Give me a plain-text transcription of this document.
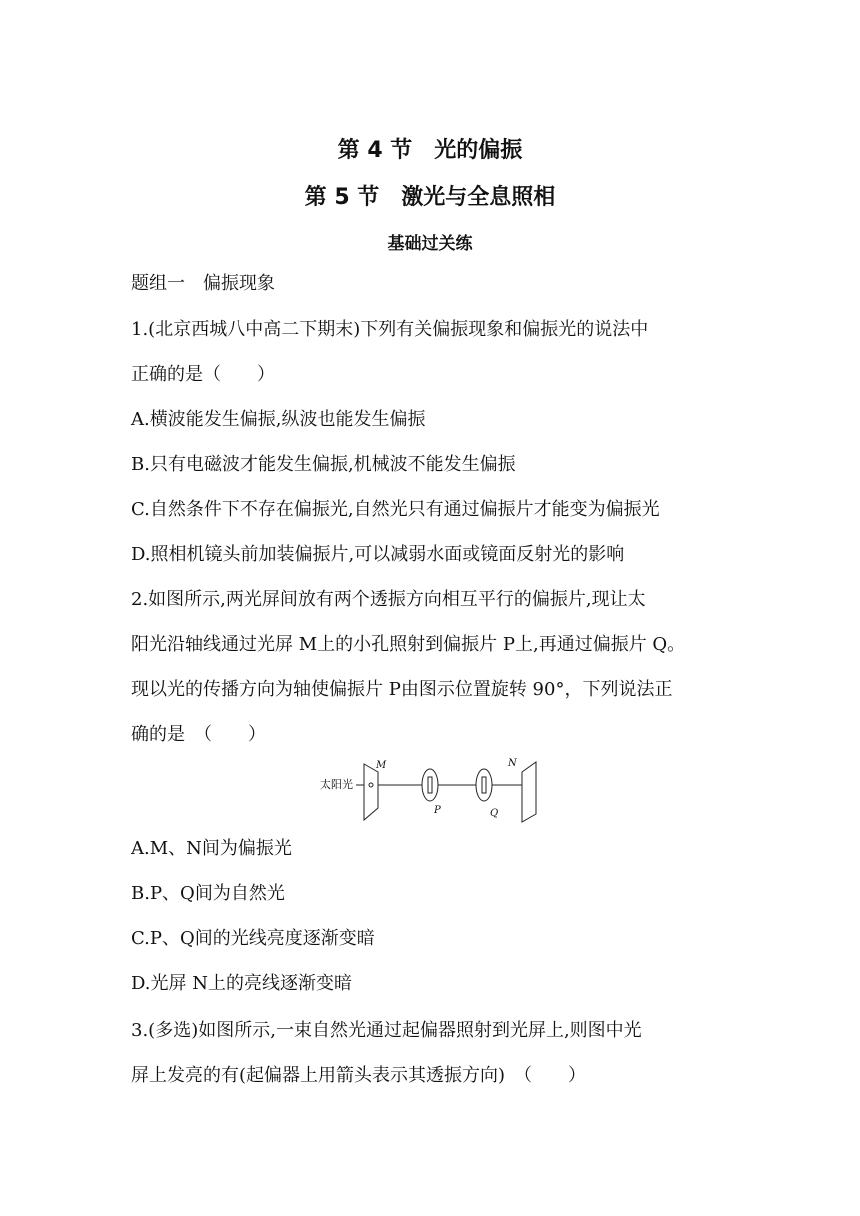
第 4 节　光的偏振
第 5 节　激光与全息照相
基础过关练
题组一　偏振现象
1.(北京西城八中高二下期末)下列有关偏振现象和偏振光的说法中
正确的是（　　）
A.横波能发生偏振,纵波也能发生偏振
B.只有电磁波才能发生偏振,机械波不能发生偏振
C.自然条件下不存在偏振光,自然光只有通过偏振片才能变为偏振光
D.照相机镜头前加装偏振片,可以减弱水面或镜面反射光的影响
2.如图所示,两光屏间放有两个透振方向相互平行的偏振片,现让太
阳光沿轴线通过光屏 M上的小孔照射到偏振片 P上,再通过偏振片 Q。
现以光的传播方向为轴使偏振片 P由图示位置旋转 90°，下列说法正
确的是　（　　）
太阳光
M
P	Q
N
A.M、N间为偏振光
B.P、Q间为自然光
C.P、Q间的光线亮度逐渐变暗
D.光屏 N上的亮线逐渐变暗
3.(多选)如图所示,一束自然光通过起偏器照射到光屏上,则图中光
屏上发亮的有(起偏器上用箭头表示其透振方向)　（　　）
